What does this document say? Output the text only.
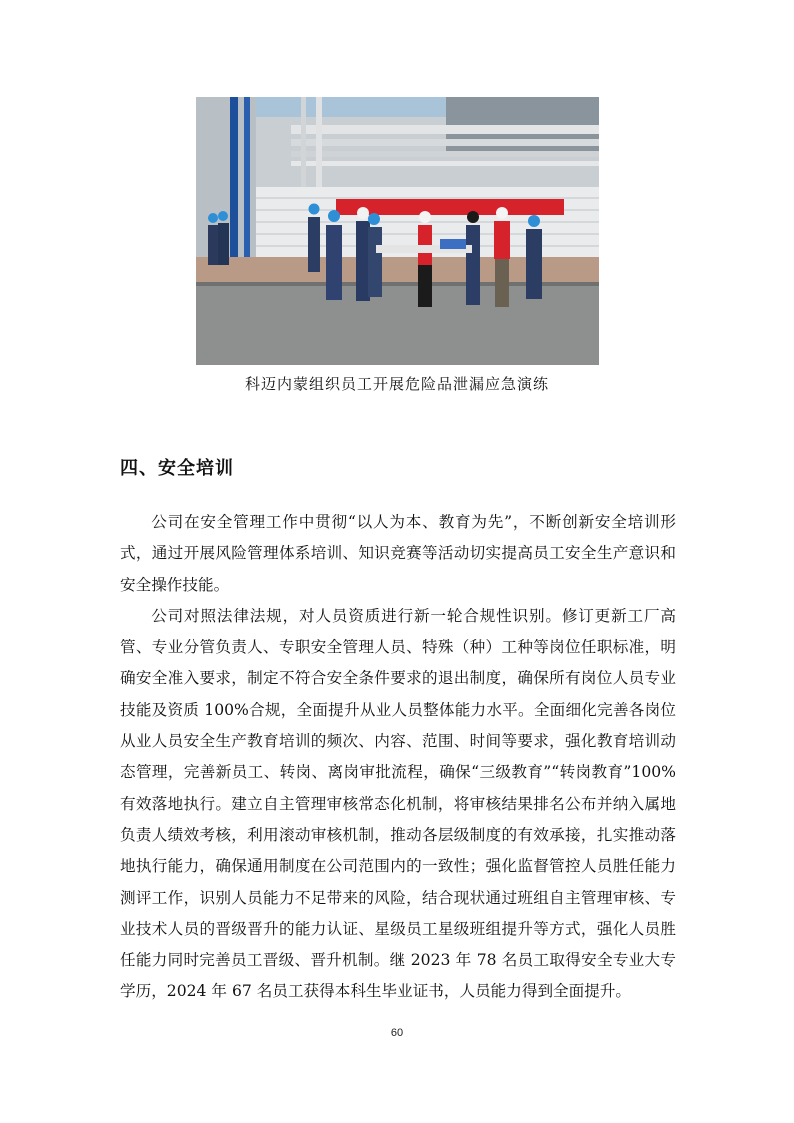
科迈内蒙组织员工开展危险品泄漏应急演练
四、安全培训

公司在安全管理工作中贯彻“以人为本、教育为先”，不断创新安全培训形式，通过开展风险管理体系培训、知识竞赛等活动切实提高员工安全生产意识和安全操作技能。

公司对照法律法规，对人员资质进行新一轮合规性识别。修订更新工厂高管、专业分管负责人、专职安全管理人员、特殊（种）工种等岗位任职标准，明确安全准入要求，制定不符合安全条件要求的退出制度，确保所有岗位人员专业技能及资质 100%合规，全面提升从业人员整体能力水平。全面细化完善各岗位从业人员安全生产教育培训的频次、内容、范围、时间等要求，强化教育培训动态管理，完善新员工、转岗、离岗审批流程，确保“三级教育”“转岗教育”100%有效落地执行。建立自主管理审核常态化机制，将审核结果排名公布并纳入属地负责人绩效考核，利用滚动审核机制，推动各层级制度的有效承接，扎实推动落地执行能力，确保通用制度在公司范围内的一致性；强化监督管控人员胜任能力测评工作，识别人员能力不足带来的风险，结合现状通过班组自主管理审核、专业技术人员的晋级晋升的能力认证、星级员工星级班组提升等方式，强化人员胜任能力同时完善员工晋级、晋升机制。继 2023 年 78 名员工取得安全专业大专学历，2024 年 67 名员工获得本科生毕业证书，人员能力得到全面提升。

60
